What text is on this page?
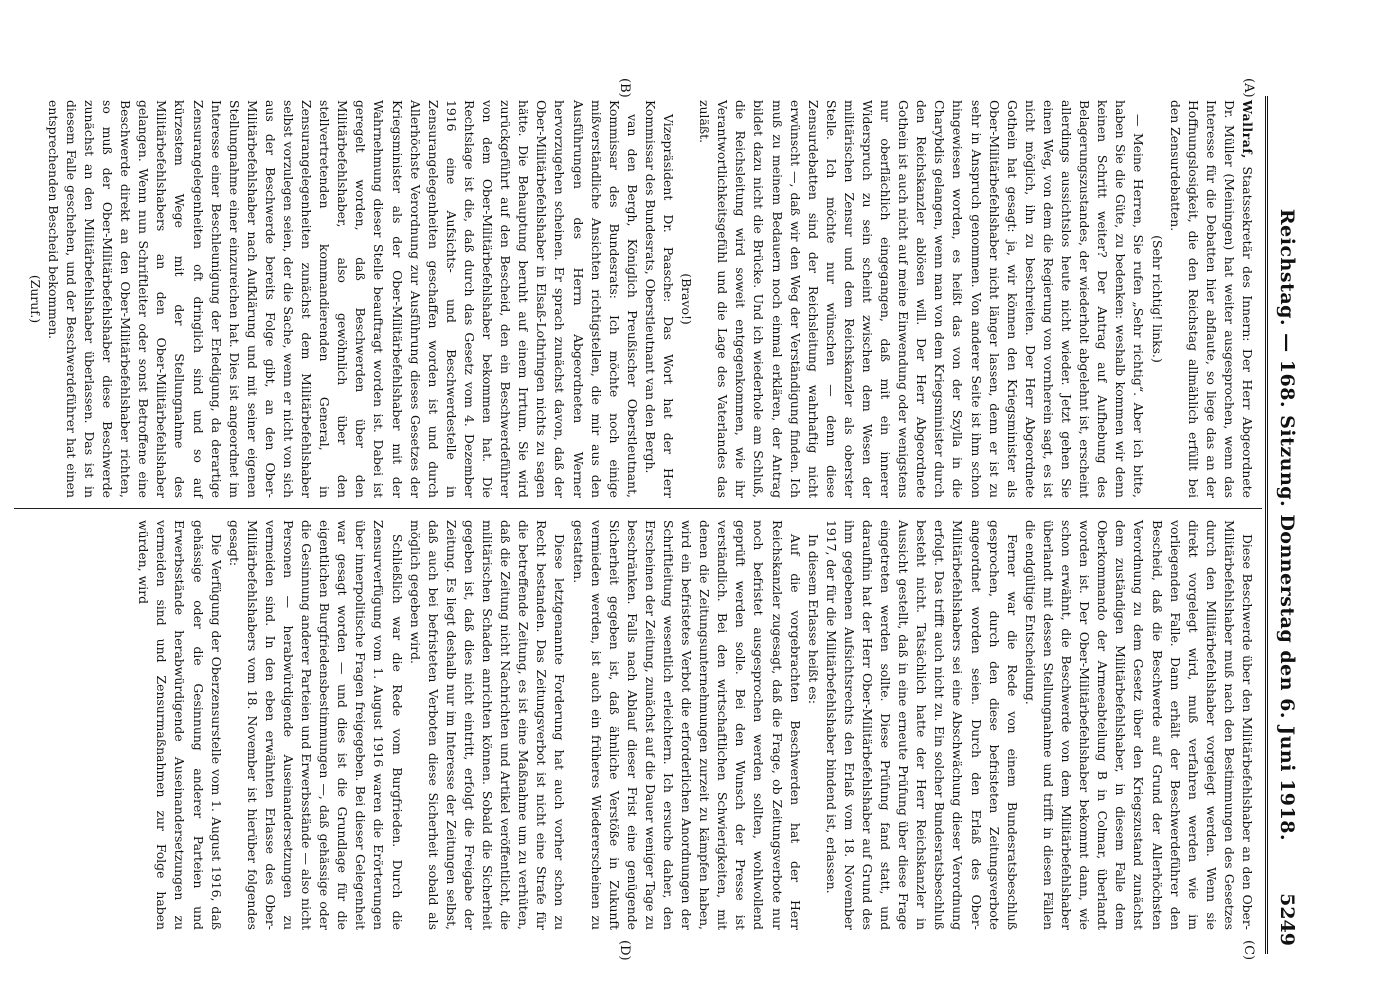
Reichstag. — 168. Sitzung. Donnerstag den 6. Juni 1918.
5249
(A)
(B)
(C)
(D)

Wallraf, Staatssekretär des Innern: Der Herr Abgeordnete Dr. Müller (Meiningen) hat weiter ausgesprochen, wenn das Interesse für die Debatten hier abflaute, so liege das an der Hoffnungslosigkeit, die den Reichstag allmählich erfüllt bei den Zensurdebatten.

(Sehr richtig! links.)

— Meine Herren, Sie rufen „Sehr richtig“. Aber ich bitte, haben Sie die Güte, zu bedenken: weshalb kommen wir denn keinen Schritt weiter? Der Antrag auf Aufhebung des Belagerungszustandes, der wiederholt abgelehnt ist, erscheint allerdings aussichtslos heute nicht wieder. Jetzt gehen Sie einen Weg, von dem die Regierung von vornherein sagt, es ist nicht möglich, ihn zu beschreiten. Der Herr Abgeordnete Gothein hat gesagt: ja, wir können den Kriegsminister als Ober-Militärbefehlshaber nicht länger lassen, denn er ist zu sehr in Anspruch genommen. Von anderer Seite ist ihm schon hingewiesen worden, es heißt das von der Szylla in die Charybdis gelangen, wenn man von dem Kriegsminister durch den Reichskanzler ablösen will. Der Herr Abgeordnete Gothein ist auch nicht auf meine Einwendung oder wenigstens nur oberflächlich eingegangen, daß mit ein innerer Widerspruch zu sein scheint zwischen dem Wesen der militärischen Zensur und dem Reichskanzler als oberster Stelle. Ich möchte nur wünschen — denn diese Zensurdebatten sind der Reichsleitung wahrhaftig nicht erwünscht —, daß wir den Weg der Verständigung finden. Ich muß zu meinem Bedauern noch einmal erklären, der Antrag bildet dazu nicht die Brücke. Und ich wiederhole am Schluß, die Reichsleitung wird soweit entgegenkommen, wie ihr Verantwortlichkeitsgefühl und die Lage des Vaterlandes das zuläßt.

(Bravo!)

Vizepräsident Dr. Paasche: Das Wort hat der Herr Kommissar des Bundesrats, Oberstleutnant van den Bergh.

van den Bergh, Königlich Preußischer Oberstleutnant, Kommissar des Bundesrats: Ich möchte noch einige mißverständliche Ansichten richtigstellen, die mir aus den Ausführungen des Herrn Abgeordneten Werner hervorzugehen scheinen. Er sprach zunächst davon, daß der Ober-Militärbefehlshaber in Elsaß-Lothringen nichts zu sagen hätte. Die Behauptung beruht auf einem Irrtum. Sie wird zurückgeführt auf den Bescheid, den ein Beschwerdeführer von dem Ober-Militärbefehlshaber bekommen hat. Die Rechtslage ist die, daß durch das Gesetz vom 4. Dezember 1916 eine Aufsichts- und Beschwerdestelle in Zensurangelegenheiten geschaffen worden ist und durch Allerhöchste Verordnung zur Ausführung dieses Gesetzes der Kriegsminister als der Ober-Militärbefehlshaber mit der Wahrnehmung dieser Stelle beauftragt worden ist. Dabei ist geregelt worden, daß Beschwerden über den Militärbefehlshaber, also gewöhnlich über den stellvertretenden kommandierenden General, in Zensurangelegenheiten zunächst dem Militärbefehlshaber selbst vorzulegen seien, der die Sache, wenn er nicht von sich aus der Beschwerde bereits Folge gibt, an den Ober-Militärbefehlshaber nach Aufklärung und mit seiner eigenen Stellungnahme einer einzureichen hat. Dies ist angeordnet im Interesse einer Beschleunigung der Erledigung, da derartige Zensurangelegenheiten oft dringlich sind und so auf kürzestem Wege mit der Stellungnahme des Militärbefehlshabers an den Ober-Militärbefehlshaber gelangen. Wenn nun Schriftleiter oder sonst Betroffene eine Beschwerde direkt an den Ober-Militärbefehlshaber richten, so muß der Ober-Militärbefehlshaber diese Beschwerde zunächst an den Militärbefehlshaber überlassen. Das ist in diesem Falle geschehen, und der Beschwerdeführer hat einen entsprechenden Bescheid bekommen.

(Zuruf.)

Diese Beschwerde über den Militärbefehlshaber an den Ober-Militärbefehlshaber muß nach den Bestimmungen des Gesetzes durch den Militärbefehlshaber vorgelegt werden. Wenn sie direkt vorgelegt wird, muß verfahren werden wie im vorliegenden Falle. Dann erhält der Beschwerdeführer den Bescheid, daß die Beschwerde auf Grund der Allerhöchsten Verordnung zu dem Gesetz über den Kriegszustand zunächst dem zuständigen Militärbefehlshaber, in diesem Falle dem Oberkommando der Armeeabteilung B in Colmar, überlandt worden ist. Der Ober-Militärbefehlshaber bekommt dann, wie schon erwähnt, die Beschwerde von dem Militärbefehlshaber überlandt mit dessen Stellungnahme und trifft in diesen Fällen die endgültige Entscheidung.

Ferner war die Rede von einem Bundesratsbeschluß gesprochen, durch den diese befristeten Zeitungsverbote angeordnet worden seien. Durch den Erlaß des Ober-Militärbefehlshabers sei eine Abschwächung dieser Verordnung erfolgt. Das trifft auch nicht zu. Ein solcher Bundesratsbeschluß besteht nicht. Tatsächlich hatte der Herr Reichskanzler in Aussicht gestellt, daß in eine erneute Prüfung über diese Frage eingetreten werden sollte. Diese Prüfung fand statt, und daraufhin hat der Herr Ober-Militärbefehlshaber auf Grund des ihm gegebenen Aufsichtsrechts den Erlaß vom 18. November 1917, der für die Militärbefehlshaber bindend ist, erlassen.

In diesem Erlasse heißt es:

Auf die vorgebrachten Beschwerden hat der Herr Reichskanzler zugesagt, daß die Frage, ob Zeitungsverbote nur noch befristet ausgesprochen werden sollten, wohlwollend geprüft werden solle. Bei den Wunsch der Presse ist verständlich. Bei den wirtschaftlichen Schwierigkeiten, mit denen die Zeitungsunternehmungen zurzeit zu kämpfen haben, wird ein befristetes Verbot die erforderlichen Anordnungen der Schriftleitung wesentlich erleichtern. Ich ersuche daher, den Erscheinen der Zeitung, zunächst auf die Dauer weniger Tage zu beschränken. Falls nach Ablauf dieser Frist eine genügende Sicherheit gegeben ist, daß ähnliche Verstöße in Zukunft vermieden werden, ist auch ein früheres Wiedererscheinen zu gestatten.

Diese letztgenannte Forderung hat auch vorher schon zu Recht bestanden. Das Zeitungsverbot ist nicht eine Strafe für die betreffende Zeitung, es ist eine Maßnahme um zu verhüten, daß die Zeitung nicht Nachrichten und Artikel veröffentlicht, die militärischen Schaden anrichten können. Sobald die Sicherheit gegeben ist, daß dies nicht eintritt, erfolgt die Freigabe der Zeitung. Es liegt deshalb nur im Interesse der Zeitungen selbst, daß auch bei befristeten Verboten diese Sicherheit sobald als möglich gegeben wird.

Schließlich war die Rede vom Burgfrieden. Durch die Zensurverfügung vom 1. August 1916 waren die Erörterungen über innerpolitische Fragen freigegeben. Bei dieser Gelegenheit war gesagt worden — und dies ist die Grundlage für die eigentlichen Burgfriedensbestimmungen —, daß gehässige oder die Gesinnung anderer Parteien und Erwerbsstände — also nicht Personen — herabwürdigende Auseinandersetzungen zu vermeiden sind. In den eben erwähnten Erlasse des Ober-Militärbefehlshabers vom 18. November ist hierüber folgendes gesagt:

Die Verfügung der Oberzensurstelle vom 1. August 1916, daß gehässige oder die Gesinnung anderer Parteien und Erwerbsstände herabwürdigende Auseinandersetzungen zu vermeiden sind und Zensurmaßnahmen zur Folge haben würden, wird
